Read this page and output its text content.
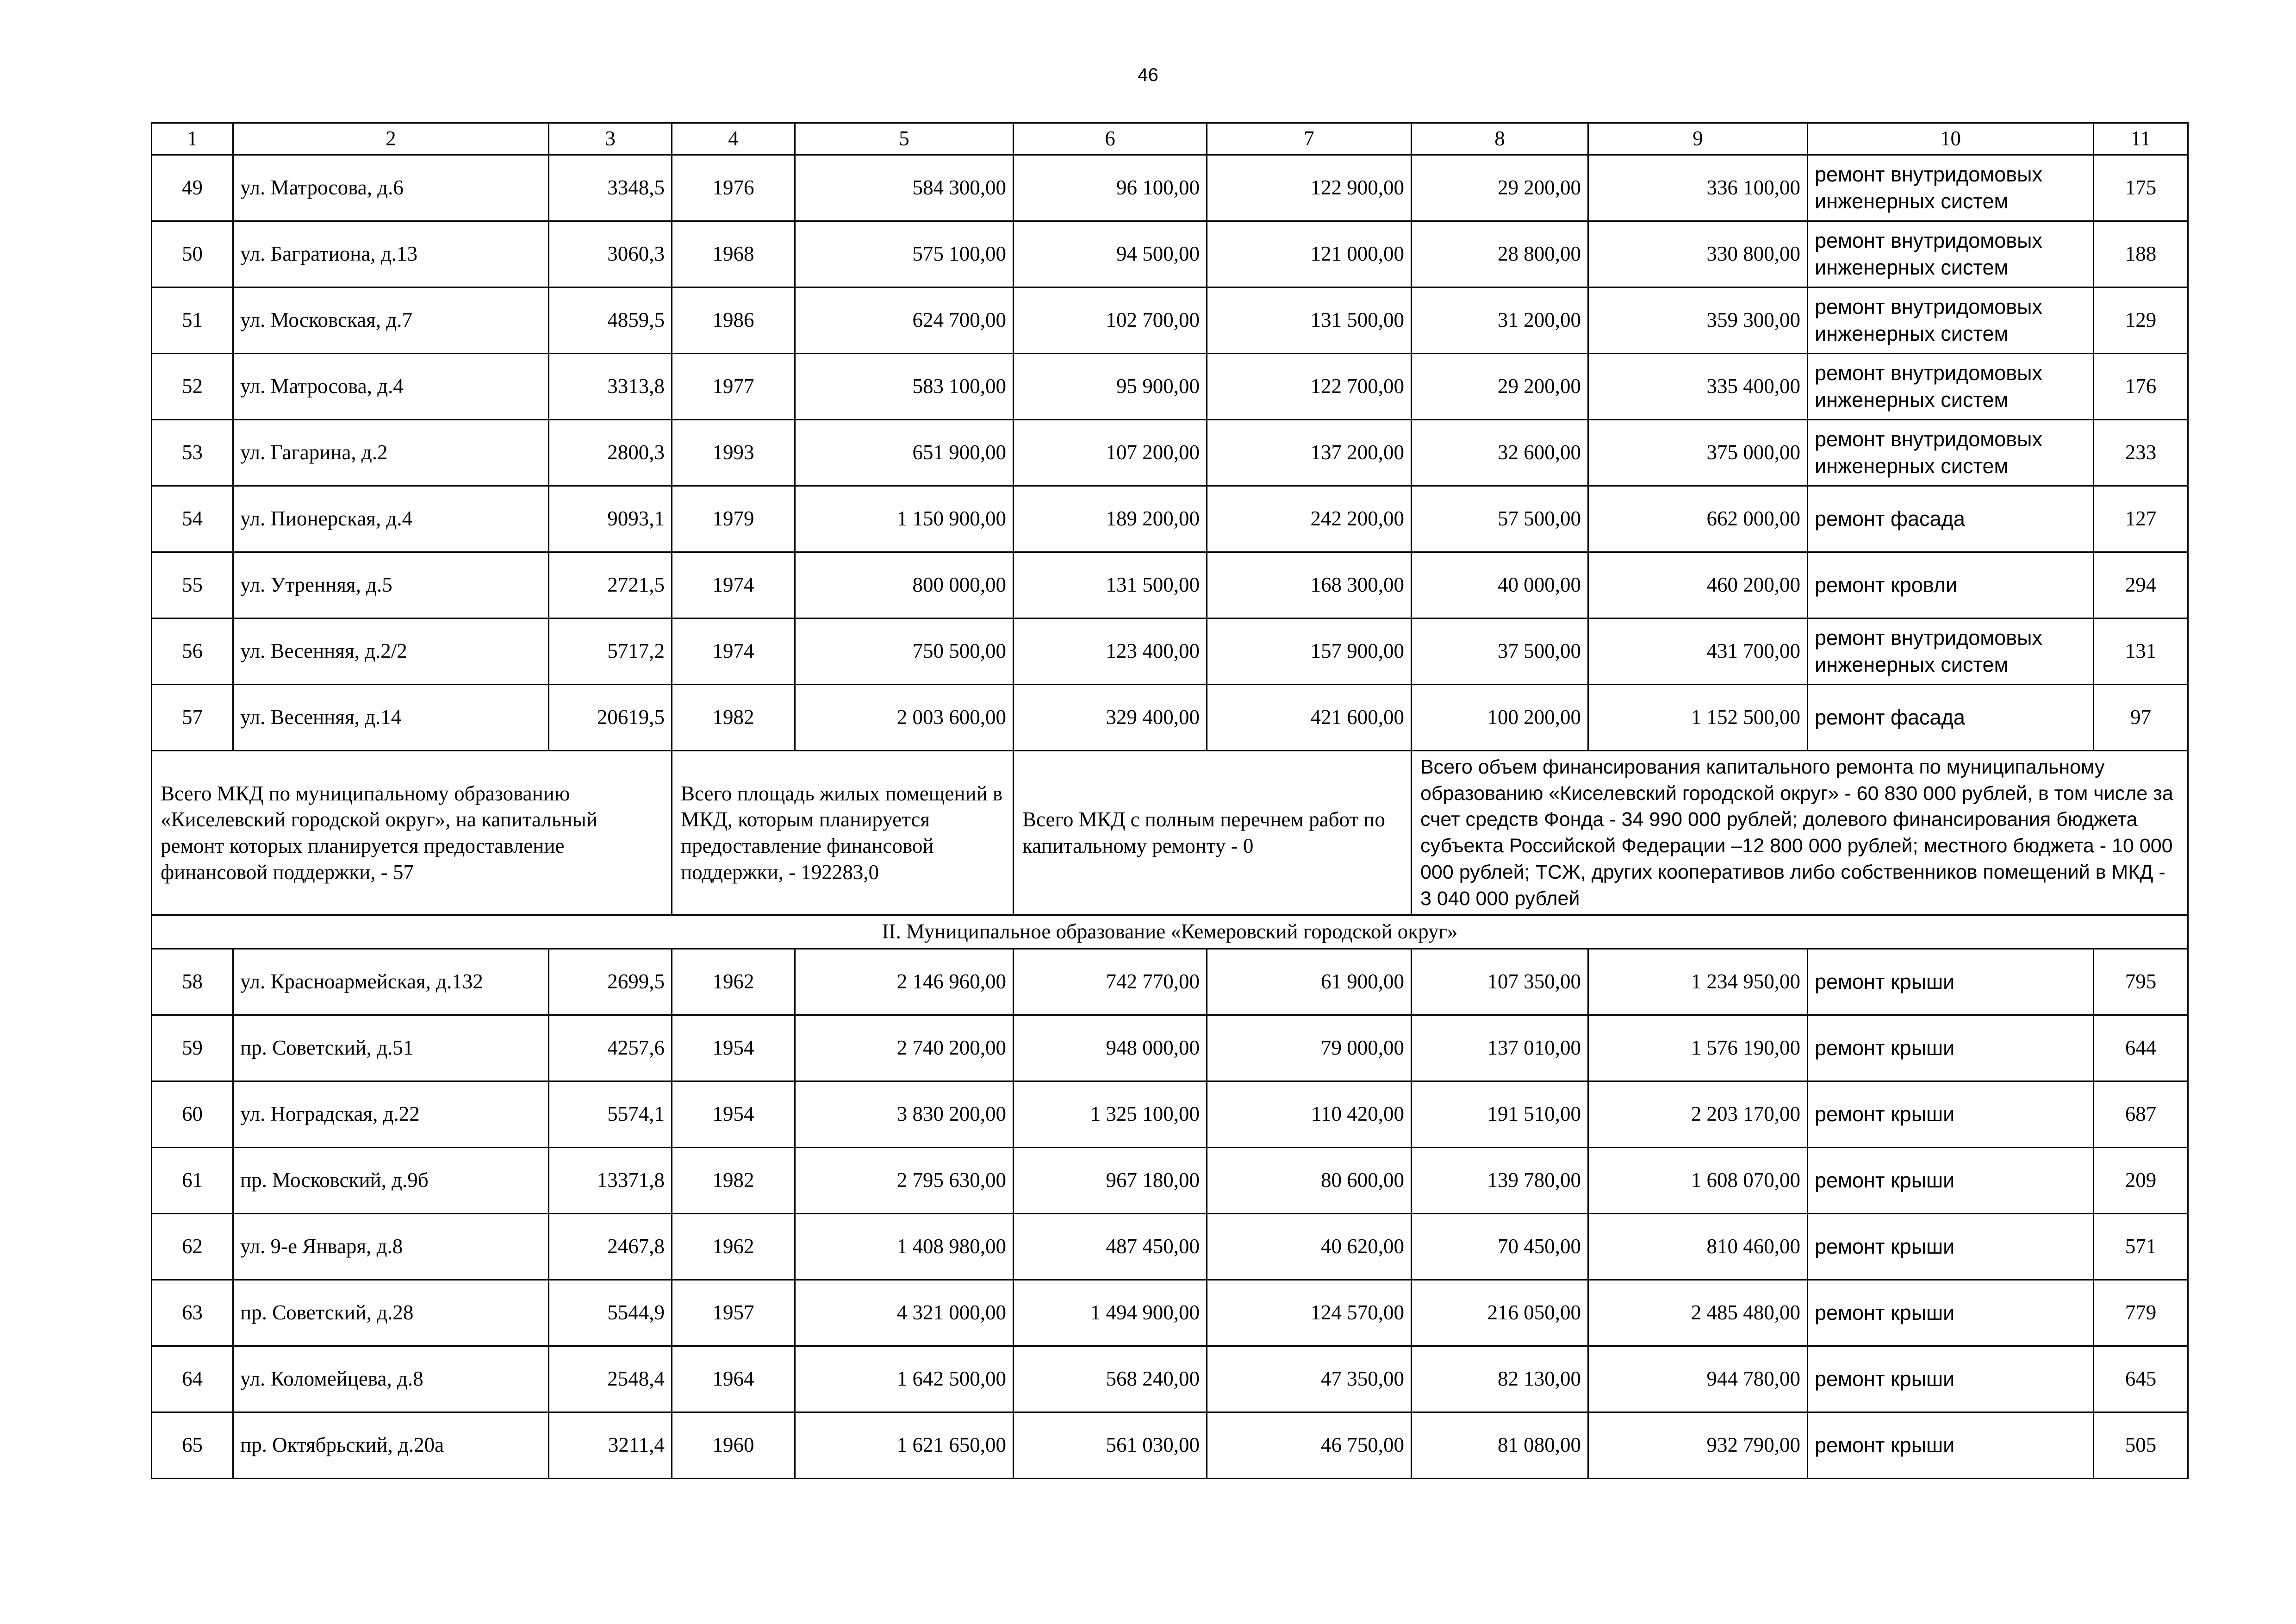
46
1	2	3	4	5	6	7	8	9	10	11
49	ул. Матросова, д.6	3348,5	1976	584 300,00	96 100,00	122 900,00	29 200,00	336 100,00	ремонт внутридомовых инженерных систем	175
50	ул. Багратиона, д.13	3060,3	1968	575 100,00	94 500,00	121 000,00	28 800,00	330 800,00	ремонт внутридомовых инженерных систем	188
51	ул. Московская, д.7	4859,5	1986	624 700,00	102 700,00	131 500,00	31 200,00	359 300,00	ремонт внутридомовых инженерных систем	129
52	ул. Матросова, д.4	3313,8	1977	583 100,00	95 900,00	122 700,00	29 200,00	335 400,00	ремонт внутридомовых инженерных систем	176
53	ул. Гагарина, д.2	2800,3	1993	651 900,00	107 200,00	137 200,00	32 600,00	375 000,00	ремонт внутридомовых инженерных систем	233
54	ул. Пионерская, д.4	9093,1	1979	1 150 900,00	189 200,00	242 200,00	57 500,00	662 000,00	ремонт фасада	127
55	ул. Утренняя, д.5	2721,5	1974	800 000,00	131 500,00	168 300,00	40 000,00	460 200,00	ремонт кровли	294
56	ул. Весенняя, д.2/2	5717,2	1974	750 500,00	123 400,00	157 900,00	37 500,00	431 700,00	ремонт внутридомовых инженерных систем	131
57	ул. Весенняя, д.14	20619,5	1982	2 003 600,00	329 400,00	421 600,00	100 200,00	1 152 500,00	ремонт фасада	97
Всего МКД по муниципальному образованию «Киселевский городской округ», на капитальный ремонт которых планируется предоставление финансовой поддержки, - 57			Всего площадь жилых помещений в МКД, которым планируется предоставление финансовой поддержки, - 192283,0		Всего МКД с полным перечнем работ по капитальному ремонту - 0		Всего объем финансирования капитального ремонта по муниципальному образованию «Киселевский городской округ» - 60 830 000 рублей, в том числе за счет средств Фонда - 34 990 000 рублей; долевого финансирования бюджета субъекта Российской Федерации –12 800 000 рублей; местного бюджета - 10 000 000 рублей; ТСЖ, других кооперативов либо собственников помещений в МКД - 3 040 000 рублей			
II. Муниципальное образование «Кемеровский городской округ»										
58	ул. Красноармейская, д.132	2699,5	1962	2 146 960,00	742 770,00	61 900,00	107 350,00	1 234 950,00	ремонт крыши	795
59	пр. Советский, д.51	4257,6	1954	2 740 200,00	948 000,00	79 000,00	137 010,00	1 576 190,00	ремонт крыши	644
60	ул. Ноградская, д.22	5574,1	1954	3 830 200,00	1 325 100,00	110 420,00	191 510,00	2 203 170,00	ремонт крыши	687
61	пр. Московский, д.9б	13371,8	1982	2 795 630,00	967 180,00	80 600,00	139 780,00	1 608 070,00	ремонт крыши	209
62	ул. 9-е Января, д.8	2467,8	1962	1 408 980,00	487 450,00	40 620,00	70 450,00	810 460,00	ремонт крыши	571
63	пр. Советский, д.28	5544,9	1957	4 321 000,00	1 494 900,00	124 570,00	216 050,00	2 485 480,00	ремонт крыши	779
64	ул. Коломейцева, д.8	2548,4	1964	1 642 500,00	568 240,00	47 350,00	82 130,00	944 780,00	ремонт крыши	645
65	пр. Октябрьский, д.20а	3211,4	1960	1 621 650,00	561 030,00	46 750,00	81 080,00	932 790,00	ремонт крыши	505
